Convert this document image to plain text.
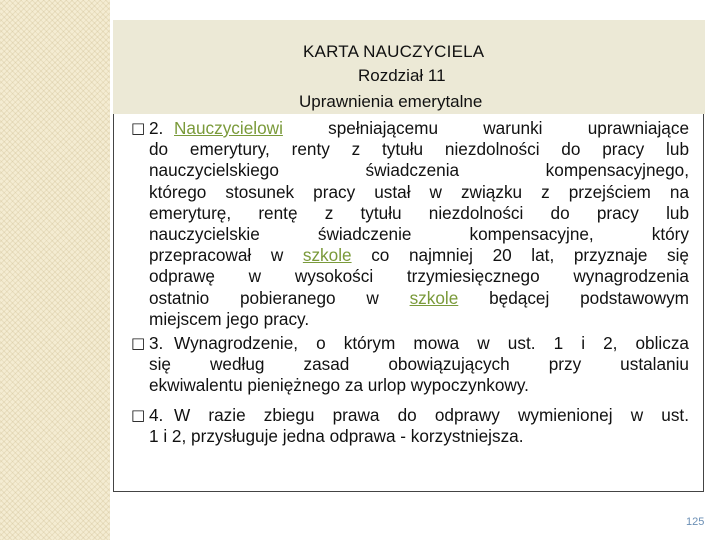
KARTA NAUCZYCIELA
Rozdział 11
Uprawnienia emerytalne
□ 2. Nauczycielowi spełniającemu warunki uprawniające
do emerytury, renty z tytułu niezdolności do pracy lub
nauczycielskiego świadczenia kompensacyjnego,
którego stosunek pracy ustał w związku z przejściem na
emeryturę, rentę z tytułu niezdolności do pracy lub
nauczycielskie świadczenie kompensacyjne, który
przepracował w szkole co najmniej 20 lat, przyznaje się
odprawę w wysokości trzymiesięcznego wynagrodzenia
ostatnio pobieranego w szkole będącej podstawowym
miejscem jego pracy.
□ 3. Wynagrodzenie, o którym mowa w ust. 1 i 2, oblicza
się według zasad obowiązujących przy ustalaniu
ekwiwalentu pieniężnego za urlop wypoczynkowy.
□ 4. W razie zbiegu prawa do odprawy wymienionej w ust.
1 i 2, przysługuje jedna odprawa - korzystniejsza.
125
